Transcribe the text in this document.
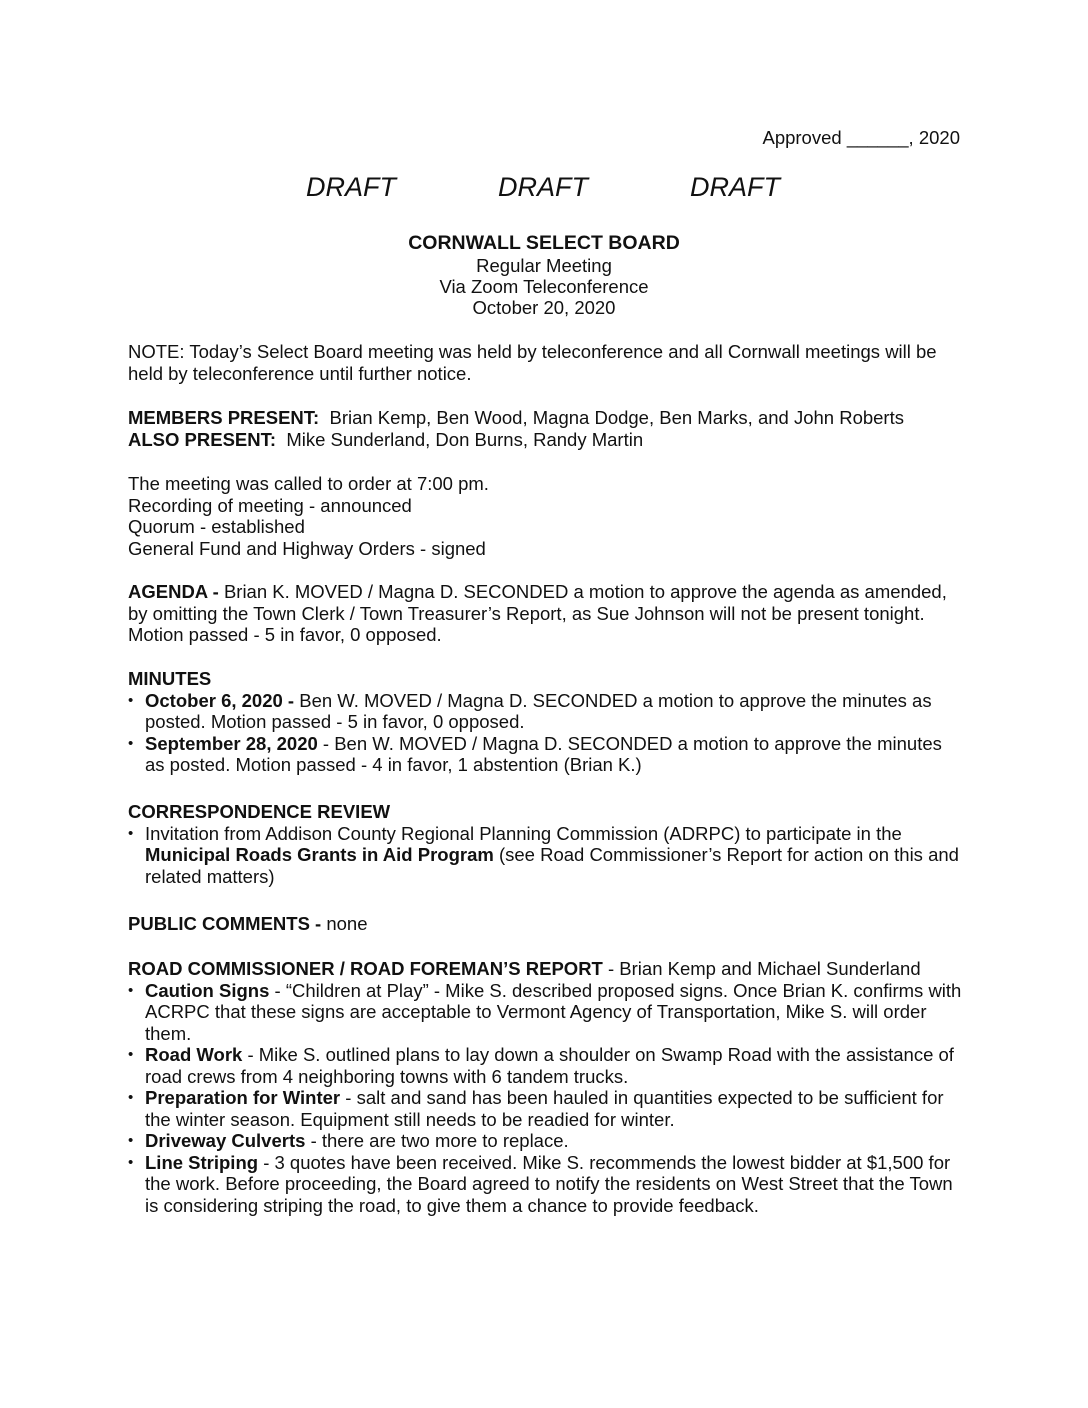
Approved ______, 2020
DRAFT	DRAFT	DRAFT
CORNWALL SELECT BOARD
Regular Meeting
Via Zoom Teleconference
October 20, 2020
NOTE: Today’s Select Board meeting was held by teleconference and all Cornwall meetings will be held by teleconference until further notice.
MEMBERS PRESENT: Brian Kemp, Ben Wood, Magna Dodge, Ben Marks, and John Roberts
ALSO PRESENT: Mike Sunderland, Don Burns, Randy Martin
The meeting was called to order at 7:00 pm.
Recording of meeting - announced
Quorum - established
General Fund and Highway Orders - signed
AGENDA - Brian K. MOVED / Magna D. SECONDED a motion to approve the agenda as amended, by omitting the Town Clerk / Town Treasurer’s Report, as Sue Johnson will not be present tonight. Motion passed - 5 in favor, 0 opposed.
MINUTES
• October 6, 2020 - Ben W. MOVED / Magna D. SECONDED a motion to approve the minutes as posted. Motion passed - 5 in favor, 0 opposed.
• September 28, 2020 - Ben W. MOVED / Magna D. SECONDED a motion to approve the minutes as posted. Motion passed - 4 in favor, 1 abstention (Brian K.)
CORRESPONDENCE REVIEW
• Invitation from Addison County Regional Planning Commission (ADRPC) to participate in the Municipal Roads Grants in Aid Program (see Road Commissioner’s Report for action on this and related matters)
PUBLIC COMMENTS - none
ROAD COMMISSIONER / ROAD FOREMAN’S REPORT - Brian Kemp and Michael Sunderland
• Caution Signs - “Children at Play” - Mike S. described proposed signs. Once Brian K. confirms with ACRPC that these signs are acceptable to Vermont Agency of Transportation, Mike S. will order them.
• Road Work - Mike S. outlined plans to lay down a shoulder on Swamp Road with the assistance of road crews from 4 neighboring towns with 6 tandem trucks.
• Preparation for Winter - salt and sand has been hauled in quantities expected to be sufficient for the winter season. Equipment still needs to be readied for winter.
• Driveway Culverts - there are two more to replace.
• Line Striping - 3 quotes have been received. Mike S. recommends the lowest bidder at $1,500 for the work. Before proceeding, the Board agreed to notify the residents on West Street that the Town is considering striping the road, to give them a chance to provide feedback.
